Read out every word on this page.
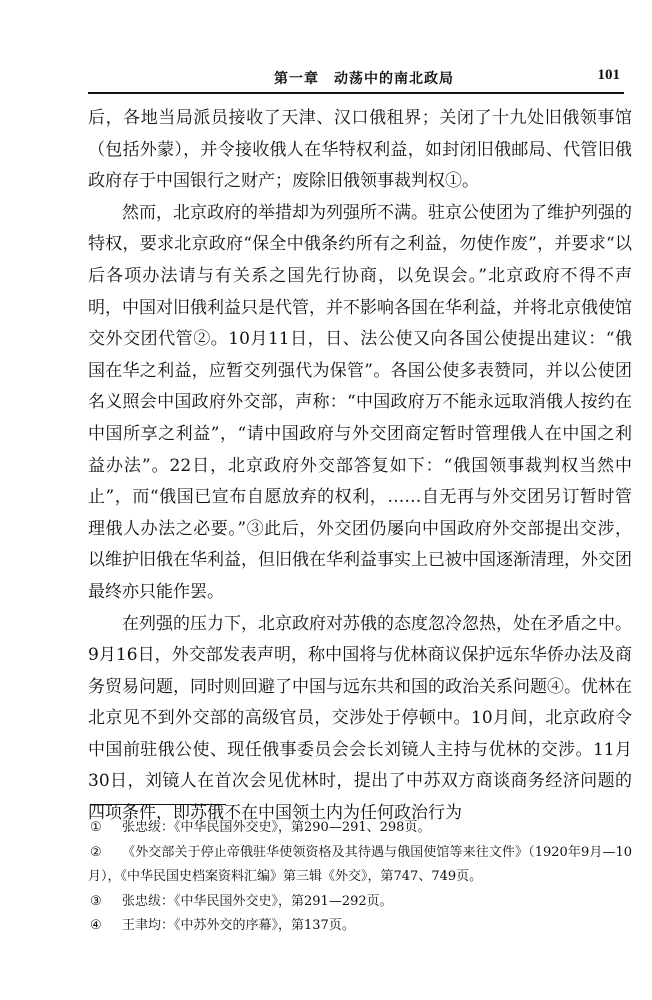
第一章　动荡中的南北政局	101

后，各地当局派员接收了天津、汉口俄租界；关闭了十九处旧俄领事馆（包括外蒙），并令接收俄人在华特权利益，如封闭旧俄邮局、代管旧俄政府存于中国银行之财产；废除旧俄领事裁判权①。

然而，北京政府的举措却为列强所不满。驻京公使团为了维护列强的特权，要求北京政府“保全中俄条约所有之利益，勿使作废”，并要求“以后各项办法请与有关系之国先行协商，以免误会。”北京政府不得不声明，中国对旧俄利益只是代管，并不影响各国在华利益，并将北京俄使馆交外交团代管②。10月11日，日、法公使又向各国公使提出建议：“俄国在华之利益，应暂交列强代为保管”。各国公使多表赞同，并以公使团名义照会中国政府外交部，声称：“中国政府万不能永远取消俄人按约在中国所享之利益”，“请中国政府与外交团商定暂时管理俄人在中国之利益办法”。22日，北京政府外交部答复如下：“俄国领事裁判权当然中止”，而“俄国已宣布自愿放弃的权利，……自无再与外交团另订暂时管理俄人办法之必要。”③此后，外交团仍屡向中国政府外交部提出交涉，以维护旧俄在华利益，但旧俄在华利益事实上已被中国逐渐清理，外交团最终亦只能作罢。

在列强的压力下，北京政府对苏俄的态度忽冷忽热，处在矛盾之中。9月16日，外交部发表声明，称中国将与优林商议保护远东华侨办法及商务贸易问题，同时则回避了中国与远东共和国的政治关系问题④。优林在北京见不到外交部的高级官员，交涉处于停顿中。10月间，北京政府令中国前驻俄公使、现任俄事委员会会长刘镜人主持与优林的交涉。11月30日，刘镜人在首次会见优林时，提出了中苏双方商谈商务经济问题的四项条件，即苏俄不在中国领土内为任何政治行为

① 张忠绂：《中华民国外交史》，第290—291、298页。

② 《外交部关于停止帝俄驻华使领资格及其待遇与俄国使馆等来往文件》（1920年9月—10月），《中华民国史档案资料汇编》第三辑《外交》，第747、749页。

③ 张忠绂：《中华民国外交史》，第291—292页。

④ 王聿均：《中苏外交的序幕》，第137页。
